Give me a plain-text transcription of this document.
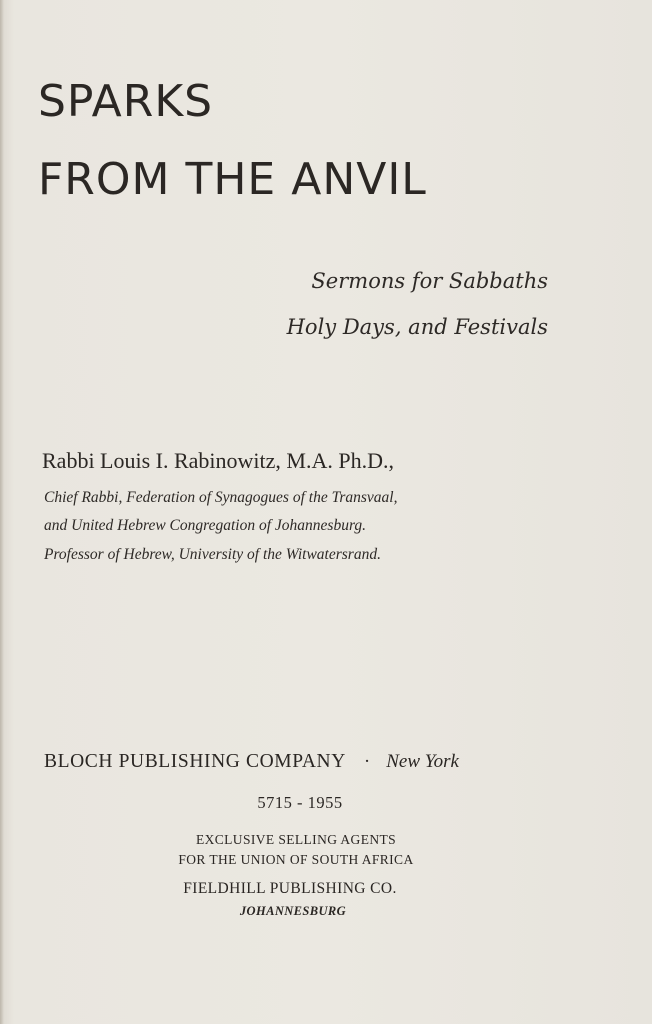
SPARKS
FROM THE ANVIL
Sermons for Sabbaths
Holy Days, and Festivals
Rabbi Louis I. Rabinowitz, M.A. Ph.D.,
Chief Rabbi, Federation of Synagogues of the Transvaal,
and United Hebrew Congregation of Johannesburg.
Professor of Hebrew, University of the Witwatersrand.
BLOCH PUBLISHING COMPANY · New York
5715 - 1955
EXCLUSIVE SELLING AGENTS
FOR THE UNION OF SOUTH AFRICA
FIELDHILL PUBLISHING CO.
JOHANNESBURG
